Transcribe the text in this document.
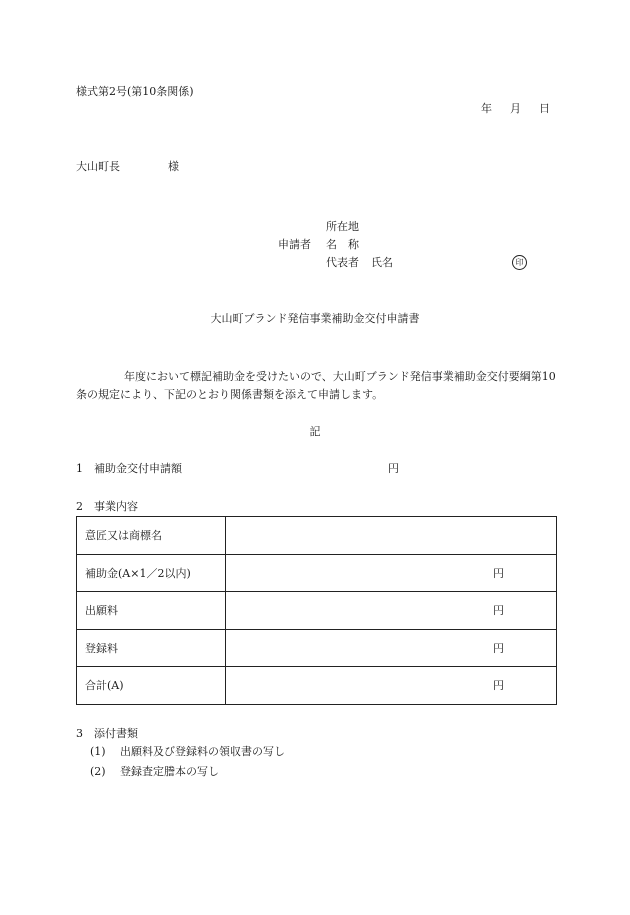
様式第2号(第10条関係)
年 月 日
大山町長	様
所在地
申請者 名　称
代表者 氏名	印
大山町ブランド発信事業補助金交付申請書
年度において標記補助金を受けたいので、大山町ブランド発信事業補助金交付要綱第10条の規定により、下記のとおり関係書類を添えて申請します。
記
1　補助金交付申請額	円
2　事業内容
意匠又は商標名	
補助金(A×1／2以内)	円
出願料	円
登録料	円
合計(A)	円
3　添付書類
(1) 出願料及び登録料の領収書の写し
(2) 登録査定謄本の写し
